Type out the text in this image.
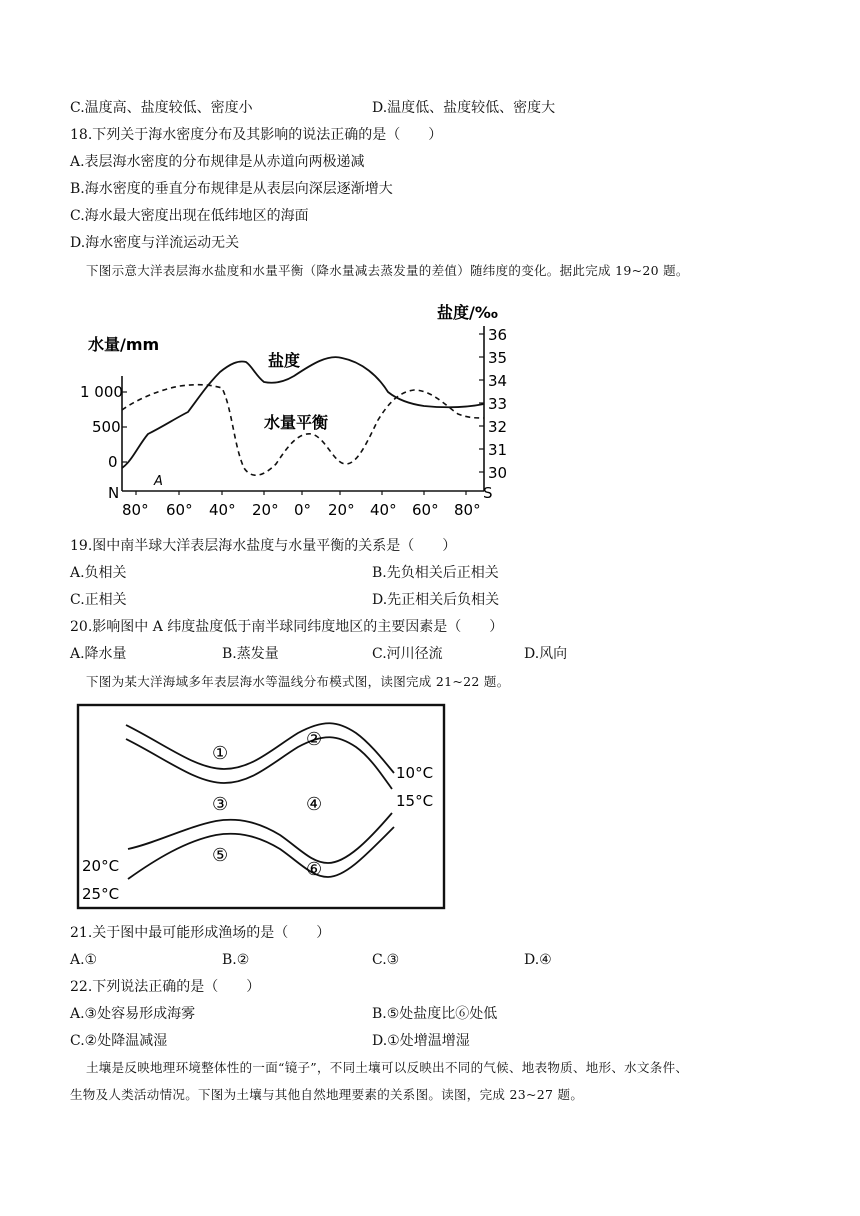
C.温度高、盐度较低、密度小	D.温度低、盐度较低、密度大
18.下列关于海水密度分布及其影响的说法正确的是（　　）
A.表层海水密度的分布规律是从赤道向两极递减
B.海水密度的垂直分布规律是从表层向深层逐渐增大
C.海水最大密度出现在低纬地区的海面
D.海水密度与洋流运动无关
下图示意大洋表层海水盐度和水量平衡（降水量减去蒸发量的差值）随纬度的变化。据此完成 19~20 题。
水量/mm
盐度/‰
1 000
500
0
36
35
34
33
32
31
30
N	S
A
80° 60° 40° 20° 0° 20° 40° 60° 80°
盐度
水量平衡
19.图中南半球大洋表层海水盐度与水量平衡的关系是（　　）
A.负相关	B.先负相关后正相关
C.正相关	D.先正相关后负相关
20.影响图中 A 纬度盐度低于南半球同纬度地区的主要因素是（　　）
A.降水量	B.蒸发量	C.河川径流	D.风向
下图为某大洋海域多年表层海水等温线分布模式图，读图完成 21~22 题。
10°C
15°C
20°C
25°C
①
②
③	④
⑤
⑥
21.关于图中最可能形成渔场的是（　　）
A.①	B.②	C.③	D.④
22.下列说法正确的是（　　）
A.③处容易形成海雾	B.⑤处盐度比⑥处低
C.②处降温减湿	D.①处增温增湿
土壤是反映地理环境整体性的一面“镜子”，不同土壤可以反映出不同的气候、地表物质、地形、水文条件、
生物及人类活动情况。下图为土壤与其他自然地理要素的关系图。读图，完成 23~27 题。
